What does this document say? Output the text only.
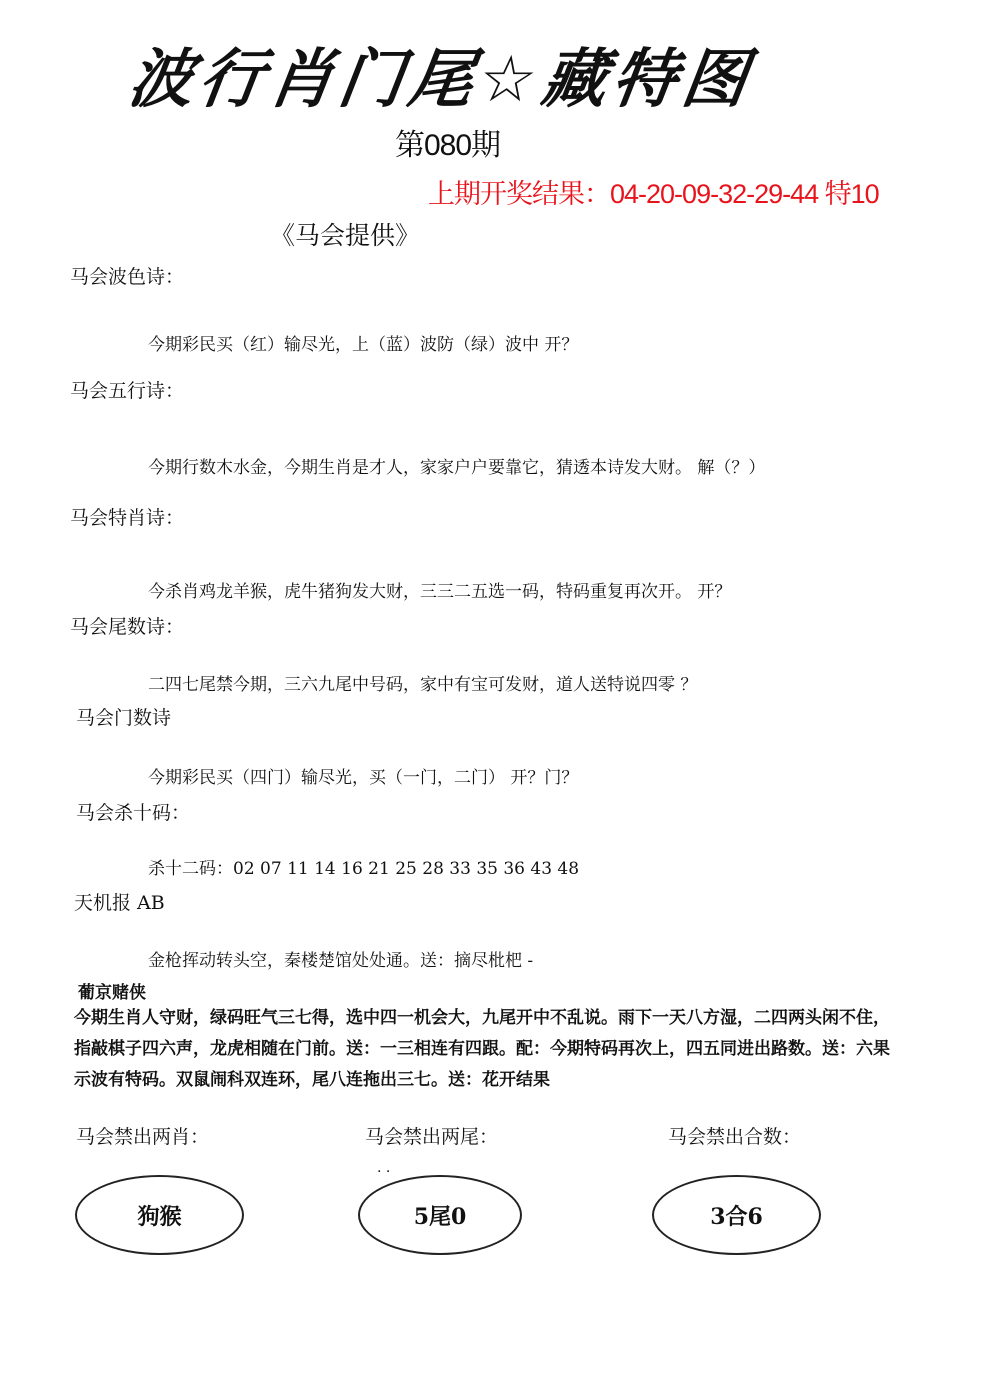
波行肖门尾☆藏特图
第080期
上期开奖结果：04-20-09-32-29-44 特10
《马会提供》
马会波色诗：
今期彩民买（红）输尽光，上（蓝）波防（绿）波中 开？
马会五行诗：
今期行数木水金，今期生肖是才人，家家户户要靠它，猜透本诗发大财。 解（？）
马会特肖诗：
今杀肖鸡龙羊猴，虎牛猪狗发大财，三三二五选一码，特码重复再次开。 开？
马会尾数诗：
二四七尾禁今期，三六九尾中号码，家中有宝可发财，道人送特说四零 ？
马会门数诗
今期彩民买（四门）输尽光，买（一门，二门） 开？门？
马会杀十码：
杀十二码：02 07 11 14 16 21 25 28 33 35 36 43 48
天机报 AB
金枪挥动转头空，秦楼楚馆处处通。送：摘尽枇杷 -
葡京赌侠
今期生肖人守财，绿码旺气三七得，选中四一机会大，九尾开中不乱说。雨下一天八方湿，二四两头闲不住，指敲棋子四六声，龙虎相随在门前。送：一三相连有四跟。配：今期特码再次上，四五同进出路数。送：六果示波有特码。双鼠闹科双连环，尾八连拖出三七。送：花开结果
马会禁出两肖：	马会禁出两尾：	马会禁出合数：
. .
狗猴	5尾0	3合6
